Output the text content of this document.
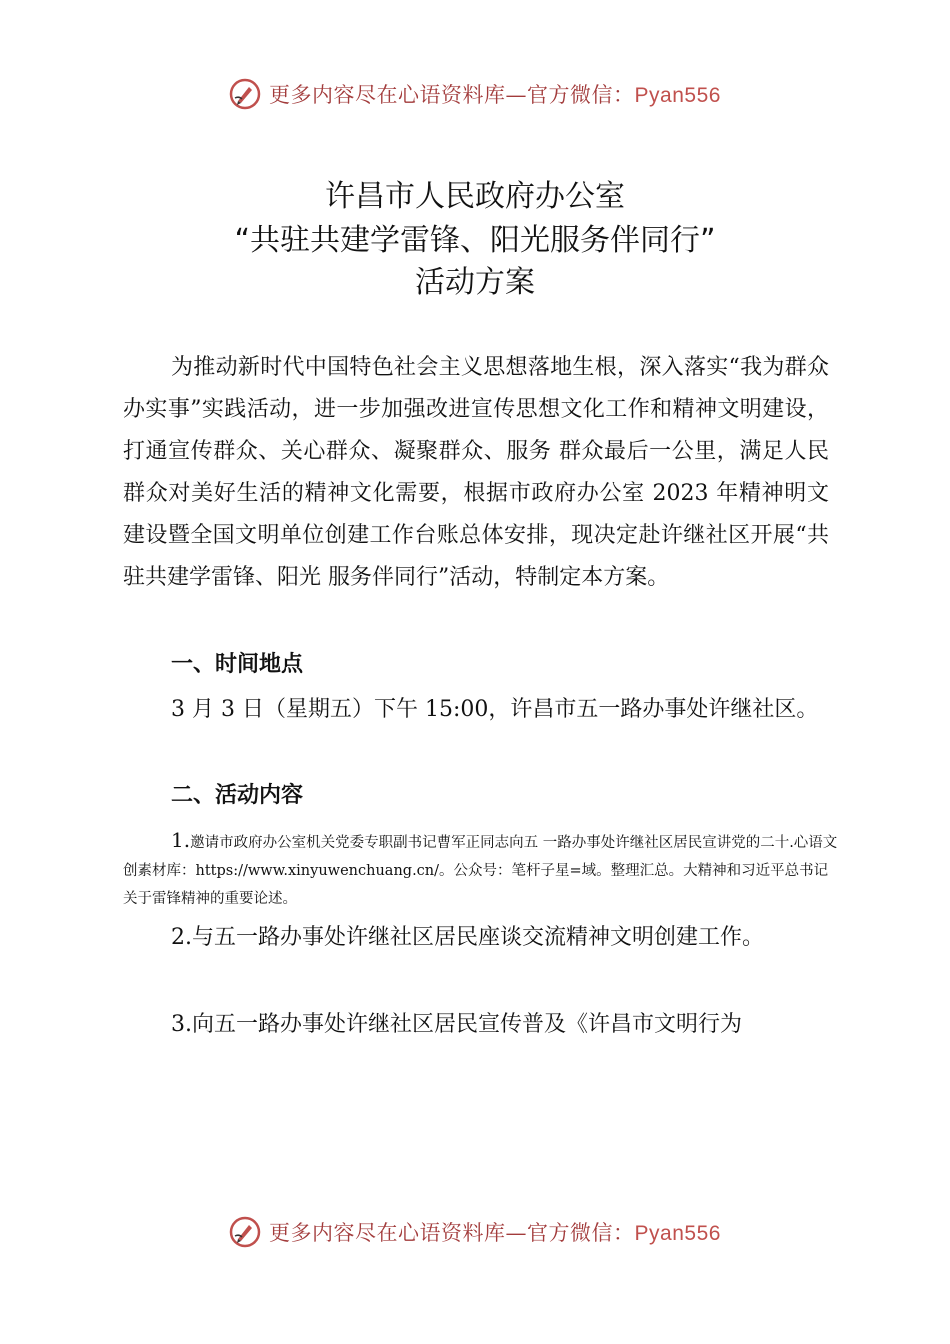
更多内容尽在心语资料库—官方微信：Pyan556
许昌市人民政府办公室
“共驻共建学雷锋、阳光服务伴同行”
活动方案
为推动新时代中国特色社会主义思想落地生根，深入落实“我为群众办实事”实践活动，进一步加强改进宣传思想文化工作和精神文明建设，打通宣传群众、关心群众、凝聚群众、服务 群众最后一公里，满足人民群众对美好生活的精神文化需要，根据市政府办公室 2023 年精神明文建设暨全国文明单位创建工作台账总体安排，现决定赴许继社区开展“共驻共建学雷锋、阳光 服务伴同行”活动，特制定本方案。
一、时间地点
3 月 3 日（星期五）下午 15:00，许昌市五一路办事处许继社区。
二、活动内容
1.邀请市政府办公室机关党委专职副书记曹军正同志向五 一路办事处许继社区居民宣讲党的二十.心语文创素材库：https://www.xinyuwenchuang.cn/。公众号：笔杆子星=域。整理汇总。大精神和习近平总书记 关于雷锋精神的重要论述。
2.与五一路办事处许继社区居民座谈交流精神文明创建工作。
3.向五一路办事处许继社区居民宣传普及《许昌市文明行为
更多内容尽在心语资料库—官方微信：Pyan556
